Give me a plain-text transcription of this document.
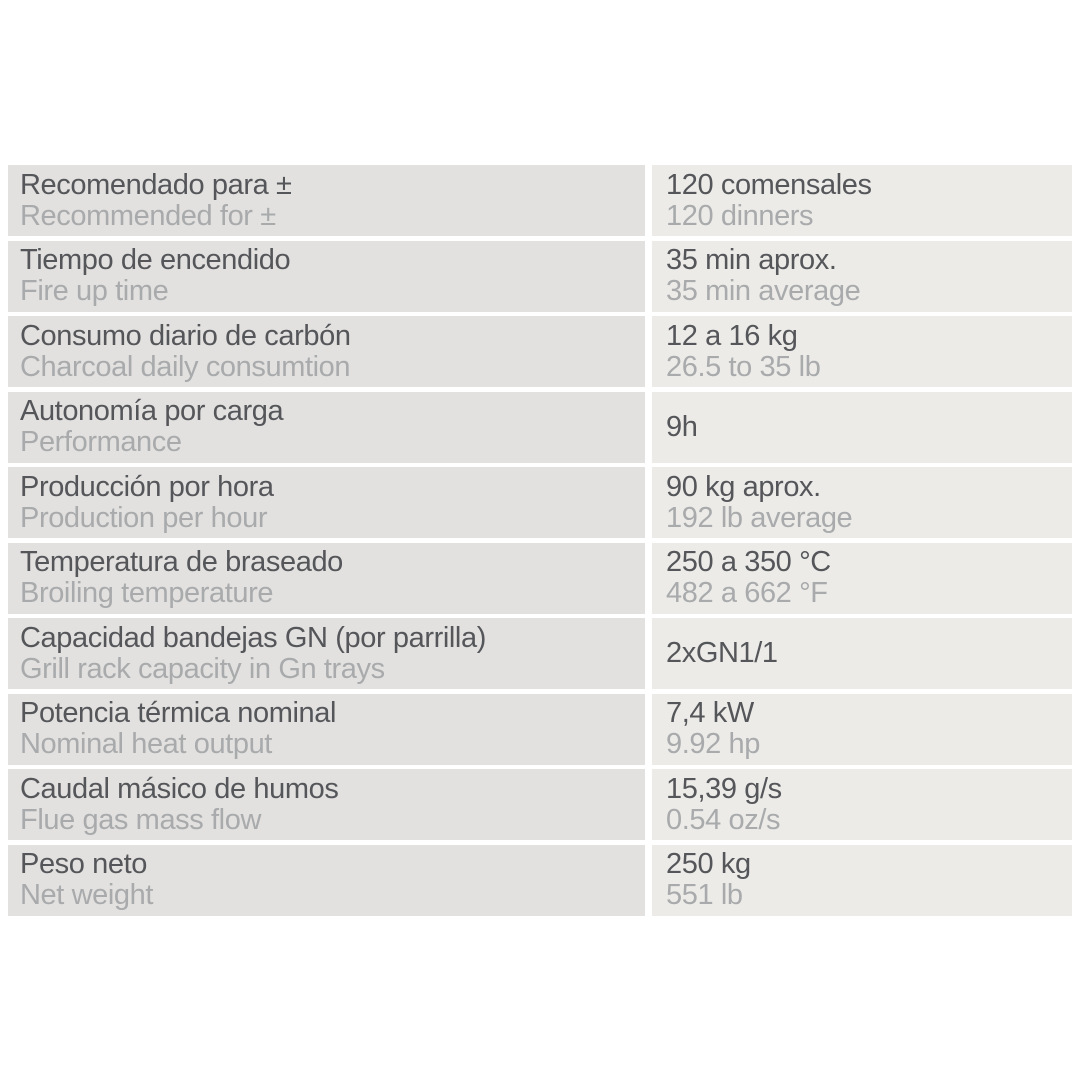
Recomendado para ±
Recommended for ±
120 comensales
120 dinners
Tiempo de encendido
Fire up time
35 min aprox.
35 min average
Consumo diario de carbón
Charcoal daily consumtion
12 a 16 kg
26.5 to 35 lb
Autonomía por carga
Performance	9h
Producción por hora
Production per hour
90 kg aprox.
192 lb average
Temperatura de braseado
Broiling temperature
250 a 350 °C
482 a 662 °F
Capacidad bandejas GN (por parrilla)
Grill rack capacity in Gn trays	2xGN1/1
Potencia térmica nominal
Nominal heat output
7,4 kW
9.92 hp
Caudal másico de humos
Flue gas mass flow
15,39 g/s
0.54 oz/s
Peso neto
Net weight
250 kg
551 lb
